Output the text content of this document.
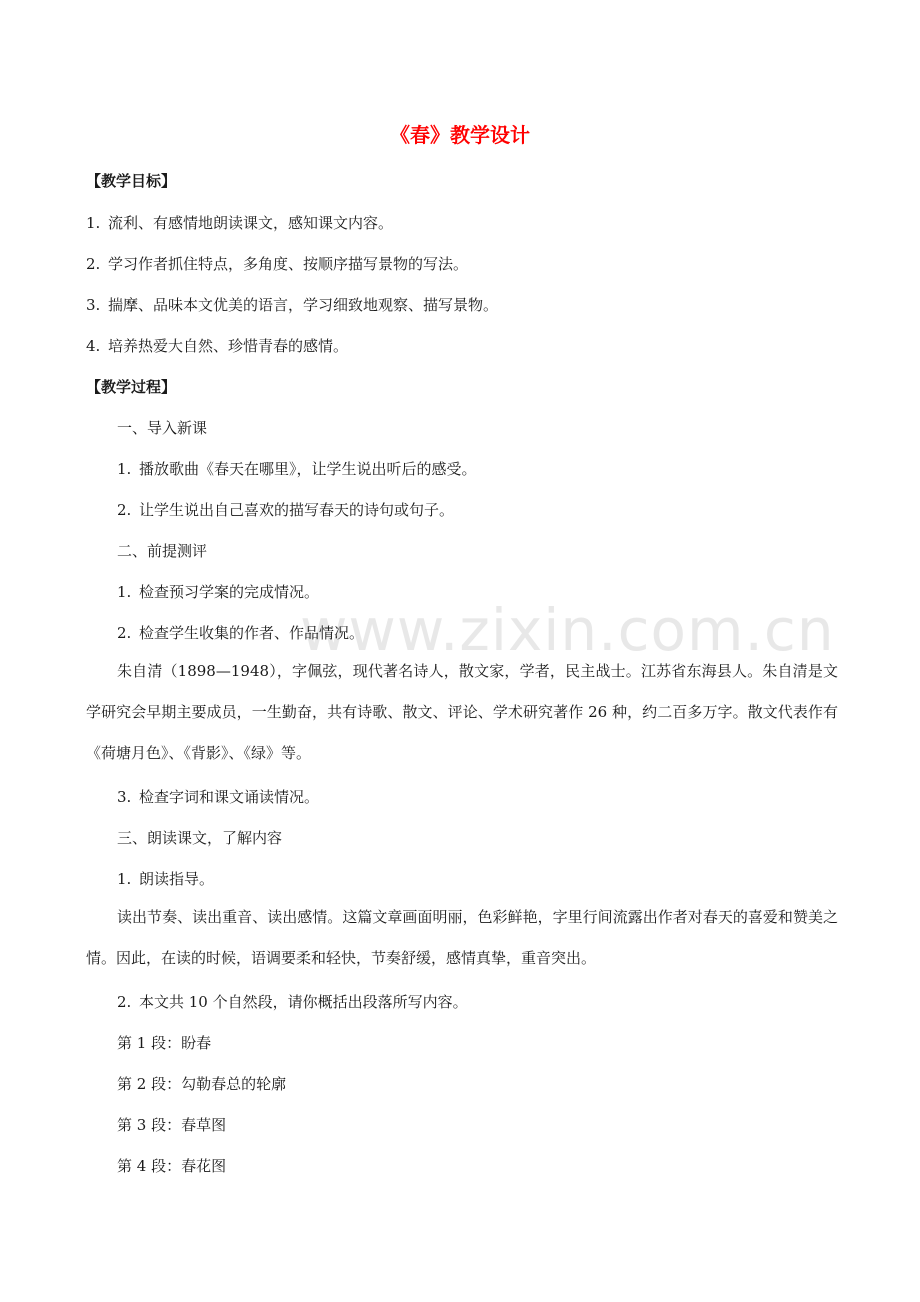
www.zixin.com.cn
《春》教学设计
【教学目标】
1. 流利、有感情地朗读课文，感知课文内容。
2. 学习作者抓住特点，多角度、按顺序描写景物的写法。
3. 揣摩、品味本文优美的语言，学习细致地观察、描写景物。
4. 培养热爱大自然、珍惜青春的感情。
【教学过程】
一、导入新课
1. 播放歌曲《春天在哪里》，让学生说出听后的感受。
2. 让学生说出自己喜欢的描写春天的诗句或句子。
二、前提测评
1. 检查预习学案的完成情况。
2. 检查学生收集的作者、作品情况。
朱自清（1898—1948），字佩弦，现代著名诗人，散文家，学者，民主战士。江苏省东海县人。朱自清是文学研究会早期主要成员，一生勤奋，共有诗歌、散文、评论、学术研究著作 26 种，约二百多万字。散文代表作有《荷塘月色》、《背影》、《绿》等。
3. 检查字词和课文诵读情况。
三、朗读课文，了解内容
1. 朗读指导。
读出节奏、读出重音、读出感情。这篇文章画面明丽，色彩鲜艳，字里行间流露出作者对春天的喜爱和赞美之情。因此，在读的时候，语调要柔和轻快，节奏舒缓，感情真挚，重音突出。
2. 本文共 10 个自然段，请你概括出段落所写内容。
第 1 段：盼春
第 2 段：勾勒春总的轮廓
第 3 段：春草图
第 4 段：春花图
